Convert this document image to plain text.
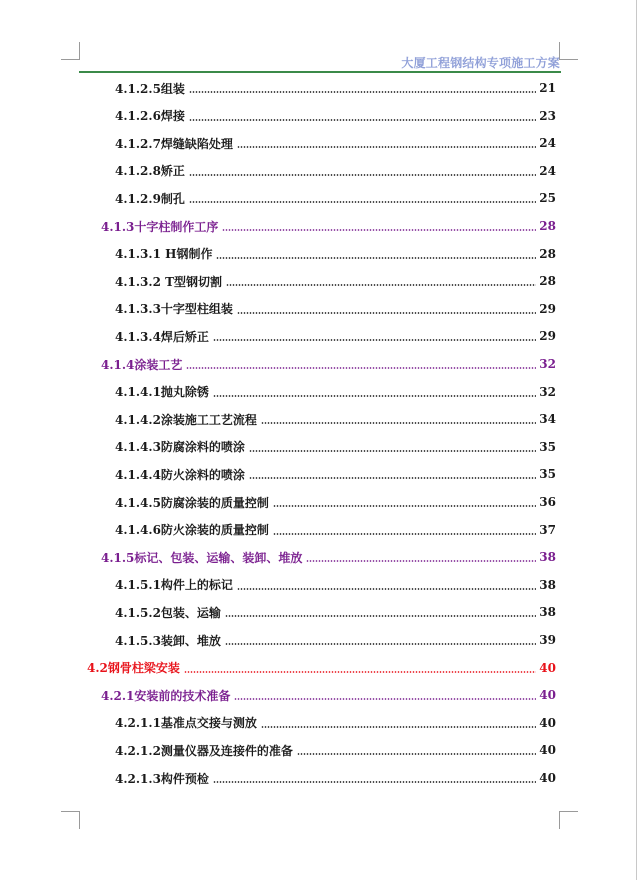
大厦工程钢结构专项施工方案
4.1.2.5组装	21
4.1.2.6焊接	23
4.1.2.7焊缝缺陷处理	24
4.1.2.8矫正	24
4.1.2.9制孔	25
4.1.3十字柱制作工序	28
4.1.3.1 H钢制作	28
4.1.3.2 T型钢切割	28
4.1.3.3十字型柱组装	29
4.1.3.4焊后矫正	29
4.1.4涂装工艺	32
4.1.4.1抛丸除锈	32
4.1.4.2涂装施工工艺流程	34
4.1.4.3防腐涂料的喷涂	35
4.1.4.4防火涂料的喷涂	35
4.1.4.5防腐涂装的质量控制	36
4.1.4.6防火涂装的质量控制	37
4.1.5标记、包装、运输、装卸、堆放	38
4.1.5.1构件上的标记	38
4.1.5.2包装、运输	38
4.1.5.3装卸、堆放	39
4.2钢骨柱梁安装	40
4.2.1安装前的技术准备	40
4.2.1.1基准点交接与测放	40
4.2.1.2测量仪器及连接件的准备	40
4.2.1.3构件预检	40
